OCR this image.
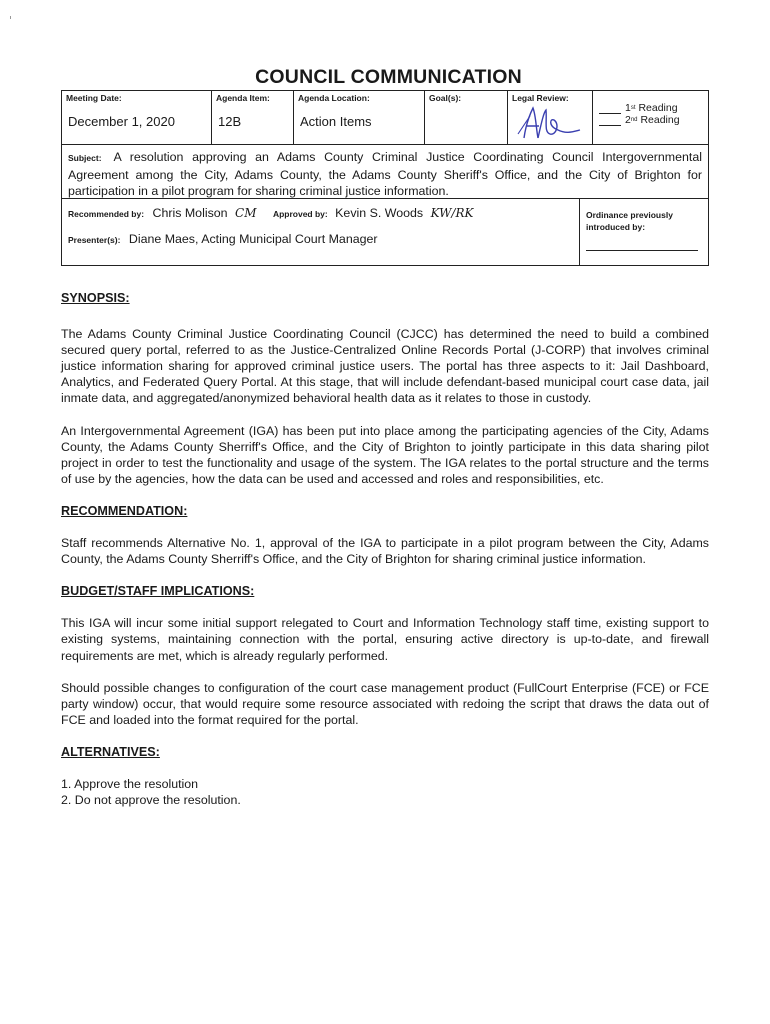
COUNCIL COMMUNICATION
Meeting Date:
December 1, 2020
Agenda Item:
12B
Agenda Location:
Action Items
Goal(s):	Legal Review:
1 st
Reading
2 nd
Reading
Subject: A resolution approving an Adams County Criminal Justice Coordinating Council Intergovernmental Agreement among the City, Adams County, the Adams County Sheriff's Office, and the City of Brighton for participation in a pilot program for sharing criminal justice information.
Recommended by: Chris Molison CM Approved by: Kevin S. Woods KW/RK
Presenter(s): Diane Maes, Acting Municipal Court Manager
Ordinance previously
introduced by:
SYNOPSIS:

The Adams County Criminal Justice Coordinating Council (CJCC) has determined the need to build a combined secured query portal, referred to as the Justice-Centralized Online Records Portal (J-CORP) that involves criminal justice information sharing for approved criminal justice users. The portal has three aspects to it: Jail Dashboard, Analytics, and Federated Query Portal. At this stage, that will include defendant-based municipal court case data, jail inmate data, and aggregated/anonymized behavioral health data as it relates to those in custody.

An Intergovernmental Agreement (IGA) has been put into place among the participating agencies of the City, Adams County, the Adams County Sherriff's Office, and the City of Brighton to jointly participate in this data sharing pilot project in order to test the functionality and usage of the system. The IGA relates to the portal structure and the terms of use by the agencies, how the data can be used and accessed and roles and responsibilities, etc.

RECOMMENDATION:

Staff recommends Alternative No. 1, approval of the IGA to participate in a pilot program between the City, Adams County, the Adams County Sherriff's Office, and the City of Brighton for sharing criminal justice information.

BUDGET/STAFF IMPLICATIONS:

This IGA will incur some initial support relegated to Court and Information Technology staff time, existing support to existing systems, maintaining connection with the portal, ensuring active directory is up-to-date, and firewall requirements are met, which is already regularly performed.

Should possible changes to configuration of the court case management product (FullCourt Enterprise (FCE) or FCE party window) occur, that would require some resource associated with redoing the script that draws the data out of FCE and loaded into the format required for the portal.

ALTERNATIVES:
1. Approve the resolution
2. Do not approve the resolution.
